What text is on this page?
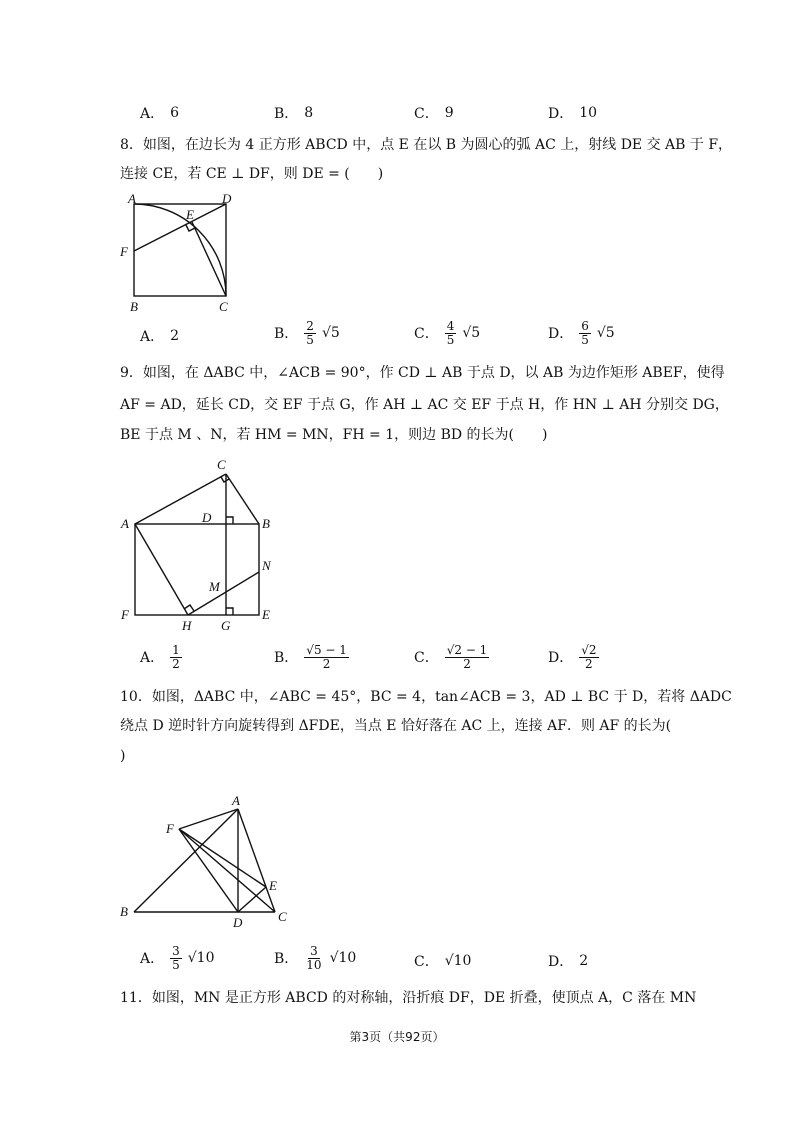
A． 6	B． 8	C． 9	D． 10
8．如图，在边长为 4 正方形 ABCD 中，点 E 在以 B 为圆心的弧 AC 上，射线 DE 交 AB 于 F，
连接 CE，若 CE ⊥ DF，则 DE = (　　)
A	D
E
F
B	C
A． 2	B． $\frac{2}{5} √5$	C． $\frac{4}{5} √5$	D． $\frac{6}{5} √5$
9．如图，在 ΔABC 中，∠ACB = 90°，作 CD ⊥ AB 于点 D，以 AB 为边作矩形 ABEF，使得
AF = AD，延长 CD，交 EF 于点 G，作 AH ⊥ AC 交 EF 于点 H，作 HN ⊥ AH 分别交 DG，
BE 于点 M 、N，若 HM = MN，FH = 1，则边 BD 的长为(　　)
C
A	D	B
N
M
F
H G
E
A． $\frac{1}{2}$	B． $\frac{√5 - 1}{2}$	C． $\frac{√2 - 1}{2}$	D． $\frac{√2}{2}$
10．如图，ΔABC 中，∠ABC = 45°，BC = 4，tan∠ACB = 3，AD ⊥ BC 于 D，若将 ΔADC
绕点 D 逆时针方向旋转得到 ΔFDE，当点 E 恰好落在 AC 上，连接 AF．则 AF 的长为(
)
A
F
E
B
D	C
A． $\frac{3}{5} √10$	B． $\frac{3}{10} √10$	C． √10	D． 2
11．如图，MN 是正方形 ABCD 的对称轴，沿折痕 DF，DE 折叠，使顶点 A，C 落在 MN
第3页（共92页）
